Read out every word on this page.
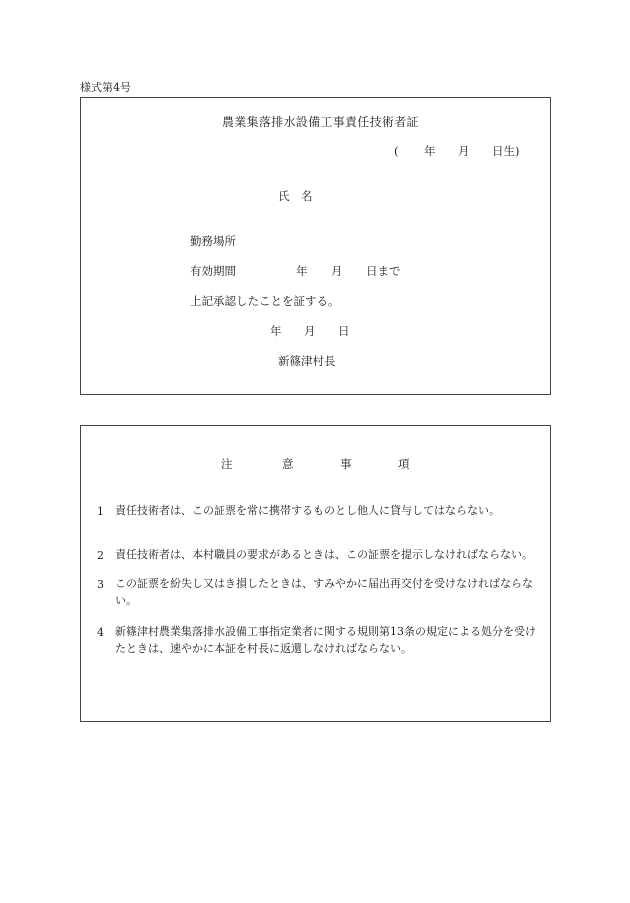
様式第4号
農業集落排水設備工事責任技術者証
( 年 月 日生)
氏　名
勤務場所
有効期間	年 月 日まで
上記承認したことを証する。
年 月 日
新篠津村長
注	意	事	項
1 責任技術者は、この証票を常に携帯するものとし他人に貸与してはならない。
2 責任技術者は、本村職員の要求があるときは、この証票を提示しなければならない。
3 この証票を紛失し又はき損したときは、すみやかに届出再交付を受けなければならない。
4 新篠津村農業集落排水設備工事指定業者に関する規則第13条の規定による処分を受けたときは、速やかに本証を村長に返還しなければならない。
